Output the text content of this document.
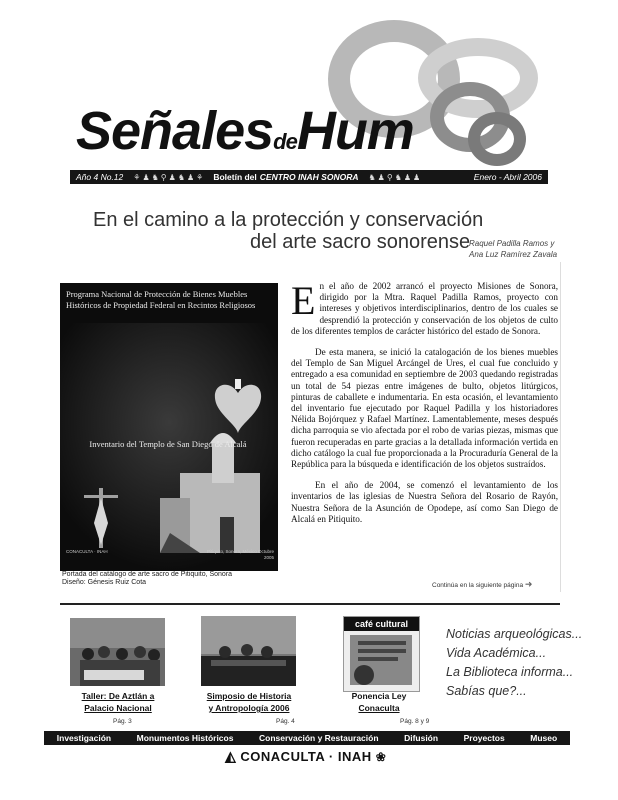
SeñalesdeHum
Año 4 No.12 ⚘♟♞⚲♟♞♟⚘ Boletín del CENTRO INAH SONORA ♞♟⚲♞♟♟	Enero - Abril 2006
En el camino a la protección y conservación
del arte sacro sonorense
Raquel Padilla Ramos y
Ana Luz Ramírez Zavala
Programa Nacional de Protección de Bienes Muebles Históricos de Propiedad Federal en Recintos Religiosos
Inventario del Templo de San Diego de Alcalá
CONACULTA · INAH	Pitiquito, Sonora, México Octubre 2005
Portada del catálogo de arte sacro de Pitiquito, Sonora
Diseño: Génesis Ruiz Cota

En el año de 2002 arrancó el proyecto Misiones de Sonora, dirigido por la Mtra. Raquel Padilla Ramos, proyecto con intereses y objetivos interdisciplinarios, dentro de los cuales se desprendió la protección y conservación de los objetos de culto de los diferentes templos de carácter histórico del estado de Sonora.

De esta manera, se inició la catalogación de los bienes muebles del Templo de San Miguel Arcángel de Ures, el cual fue concluido y entregado a esa comunidad en septiembre de 2003 quedando registradas un total de 54 piezas entre imágenes de bulto, objetos litúrgicos, pinturas de caballete e indumentaria. En esta ocasión, el levantamiento del inventario fue ejecutado por Raquel Padilla y los historiadores Nélida Bojórquez y Rafael Martínez. Lamentablemente, meses después dicha parroquia se vio afectada por el robo de varias piezas, mismas que fueron recuperadas en parte gracias a la detallada información vertida en dicho catálogo la cual fue proporcionada a la Procuraduría General de la República para la búsqueda e identificación de los objetos sustraídos.

En el año de 2004, se comenzó el levantamiento de los inventarios de las iglesias de Nuestra Señora del Rosario de Rayón, Nuestra Señora de la Asunción de Opodepe, así como San Diego de Alcalá en Pitiquito.

Continúa en la siguiente página ➜
Taller: De Aztlán a
Palacio Nacional
Pág. 3
Simposio de Historia
y Antropología 2006
Pág. 4
café cultural
Ponencia Ley
Conaculta
Pág. 8 y 9
Noticias arqueológicas...
Vida Académica...
La Biblioteca informa...
Sabías que?...
Investigación	Monumentos Históricos	Conservación y Restauración	Difusión	Proyectos	Museo
◭ CONACULTA · INAH ❀
